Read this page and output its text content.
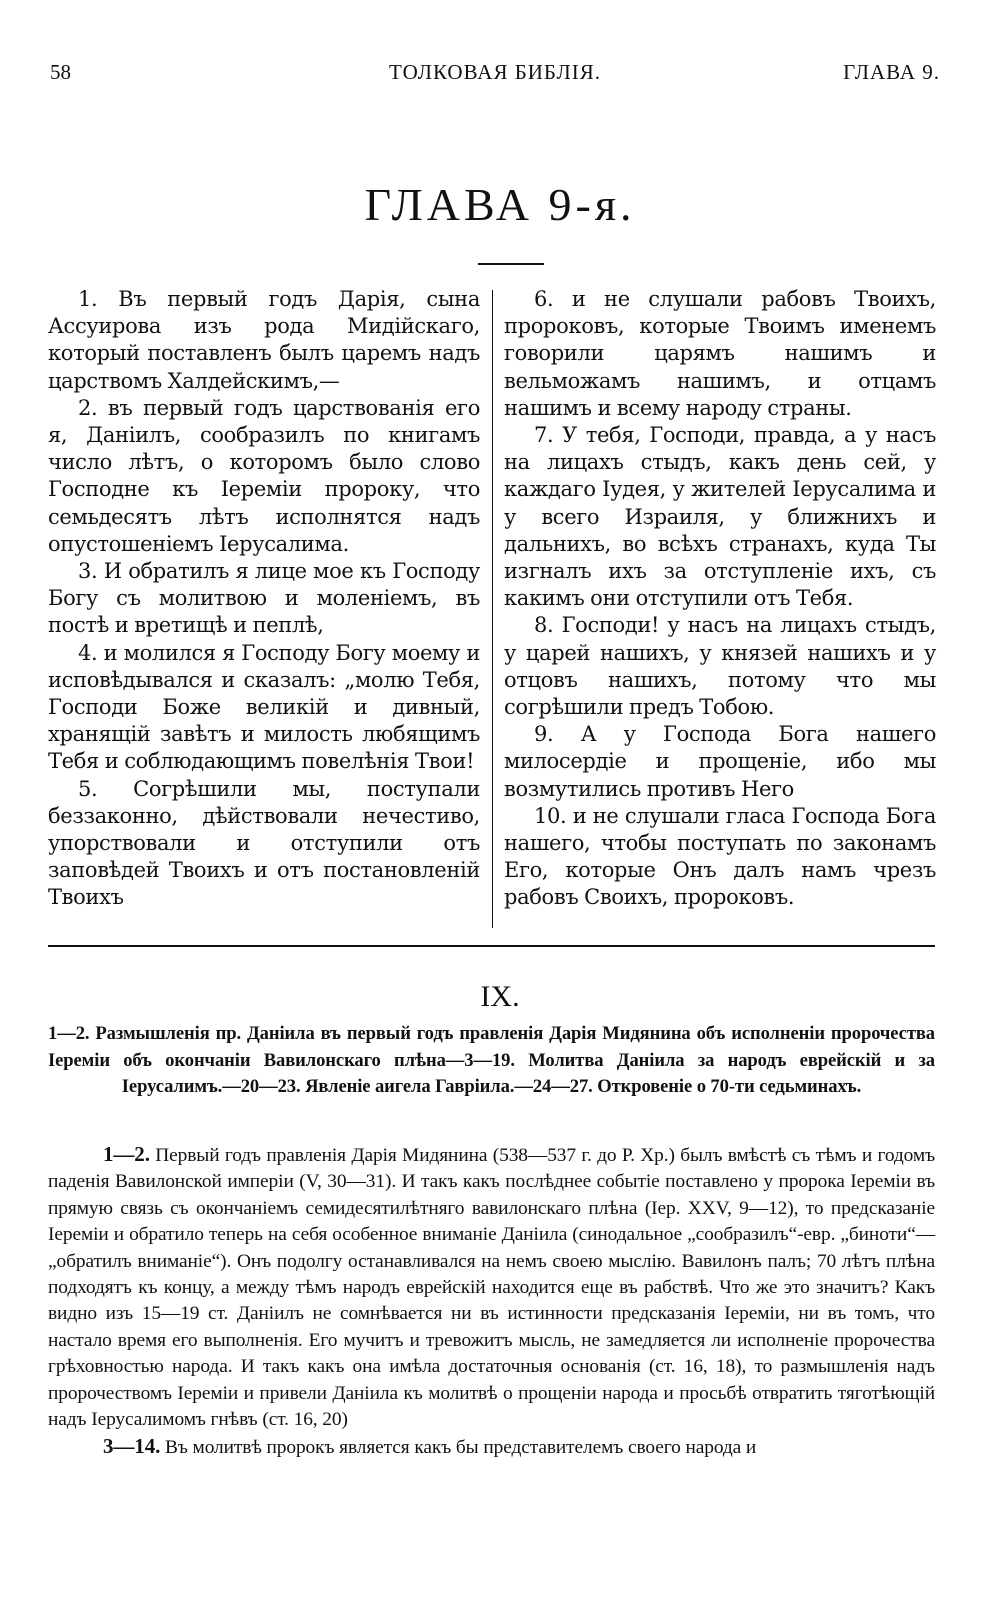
58	ТОЛКОВАЯ БИБЛІЯ.	ГЛАВА 9.
ГЛАВА 9-я.

1. Въ первый годъ Дарія, сына Ассуирова изъ рода Мидійскаго, который поставленъ былъ царемъ надъ царствомъ Халдейскимъ,—

2. въ первый годъ царствованія его я, Даніилъ, сообразилъ по книгамъ число лѣтъ, о которомъ было слово Господне къ Іереміи пророку, что семьдесятъ лѣтъ исполнятся надъ опустошеніемъ Іерусалима.

3. И обратилъ я лице мое къ Господу Богу съ молитвою и моленіемъ, въ постѣ и вретищѣ и пеплѣ,

4. и молился я Господу Богу моему и исповѣдывался и сказалъ: „молю Тебя, Господи Боже великій и дивный, хранящій завѣтъ и милость любящимъ Тебя и соблюдающимъ повелѣнія Твои!

5. Согрѣшили мы, поступали беззаконно, дѣйствовали нечестиво, упорствовали и отступили отъ заповѣдей Твоихъ и отъ постановленій Твоихъ

6. и не слушали рабовъ Твоихъ, пророковъ, которые Твоимъ именемъ говорили царямъ нашимъ и вельможамъ нашимъ, и отцамъ нашимъ и всему народу страны.

7. У тебя, Господи, правда, а у насъ на лицахъ стыдъ, какъ день сей, у каждаго Іудея, у жителей Іерусалима и у всего Израиля, у ближнихъ и дальнихъ, во всѣхъ странахъ, куда Ты изгналъ ихъ за отступленіе ихъ, съ какимъ они отступили отъ Тебя.

8. Господи! у насъ на лицахъ стыдъ, у царей нашихъ, у князей нашихъ и у отцовъ нашихъ, потому что мы согрѣшили предъ Тобою.

9. А у Господа Бога нашего милосердіе и прощеніе, ибо мы возмутились противъ Него

10. и не слушали гласа Господа Бога нашего, чтобы поступать по законамъ Его, которые Онъ далъ намъ чрезъ рабовъ Своихъ, пророковъ.

IX.
1—2. Размышленія пр. Даніила въ первый годъ правленія Дарія Мидянина объ исполненіи пророчества Іереміи объ окончаніи Вавилонскаго плѣна—3—19. Молитва Даніила за народъ еврейскій и за Іерусалимъ.—20—23. Явленіе аигела Гавріила.—24—27. Откровеніе о 70-ти седьминахъ.

1—2. Первый годъ правленія Дарія Мидянина (538—537 г. до Р. Хр.) былъ вмѣстѣ съ тѣмъ и годомъ паденія Вавилонской имперіи (V, 30—31). И такъ какъ послѣднее событіе поставлено у пророка Іереміи въ прямую связь съ окончаніемъ семидесятилѣтняго вавилонскаго плѣна (Іер. XXV, 9—12), то предсказаніе Іереміи и обратило теперь на себя особенное вниманіе Даніила (синодальное „сообразилъ“-евр. „биноти“—„обратилъ вниманіе“). Онъ подолгу останавливался на немъ своею мыслію. Вавилонъ палъ; 70 лѣтъ плѣна подходятъ къ концу, а между тѣмъ народъ еврейскій находится еще въ рабствѣ. Что же это значитъ? Какъ видно изъ 15—19 ст. Даніилъ не сомнѣвается ни въ истинности предсказанія Іереміи, ни въ томъ, что настало время его выполненія. Его мучитъ и тревожитъ мысль, не замедляется ли исполненіе пророчества грѣховностью народа. И такъ какъ она имѣла достаточныя основанія (ст. 16, 18), то размышленія надъ пророчествомъ Іереміи и привели Даніила къ молитвѣ о прощеніи народа и просьбѣ отвратить тяготѣющій надъ Іерусалимомъ гнѣвъ (ст. 16, 20)

3—14. Въ молитвѣ пророкъ является какъ бы представителемъ своего народа и
